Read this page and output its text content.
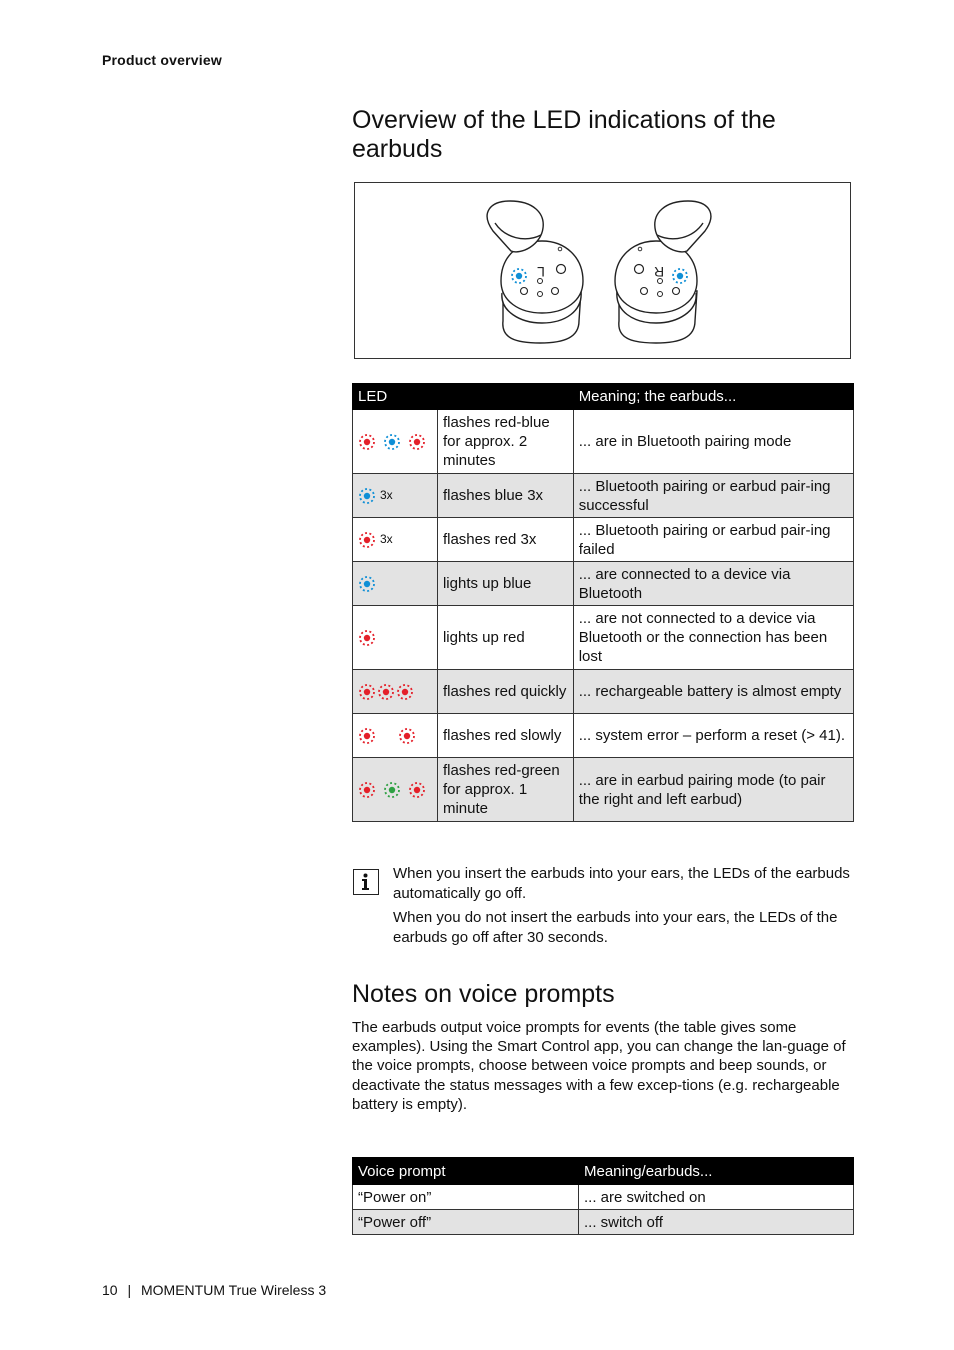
Product overview
Overview of the LED indications of the earbuds
L	R
LED		Meaning; the earbuds...
	flashes red-blue for approx. 2 minutes	... are in Bluetooth pairing mode
3x	flashes blue 3x	... Bluetooth pairing or earbud pair-ing successful
3x	flashes red 3x	... Bluetooth pairing or earbud pair-ing failed
	lights up blue	... are connected to a device via Bluetooth
	lights up red	... are not connected to a device via Bluetooth or the connection has been lost
	flashes red quickly	... rechargeable battery is almost empty
	flashes red slowly	... system error – perform a reset (> 41).
	flashes red-green for approx. 1 minute	... are in earbud pairing mode (to pair the right and left earbud)

When you insert the earbuds into your ears, the LEDs of the earbuds automatically go off.

When you do not insert the earbuds into your ears, the LEDs of the earbuds go off after 30 seconds.

Notes on voice prompts

The earbuds output voice prompts for events (the table gives some examples). Using the Smart Control app, you can change the lan-guage of the voice prompts, choose between voice prompts and beep sounds, or deactivate the status messages with a few excep-tions (e.g. rechargeable battery is empty).

Voice prompt	Meaning/earbuds...
“Power on”	... are switched on
“Power off”	... switch off
10 | MOMENTUM True Wireless 3
